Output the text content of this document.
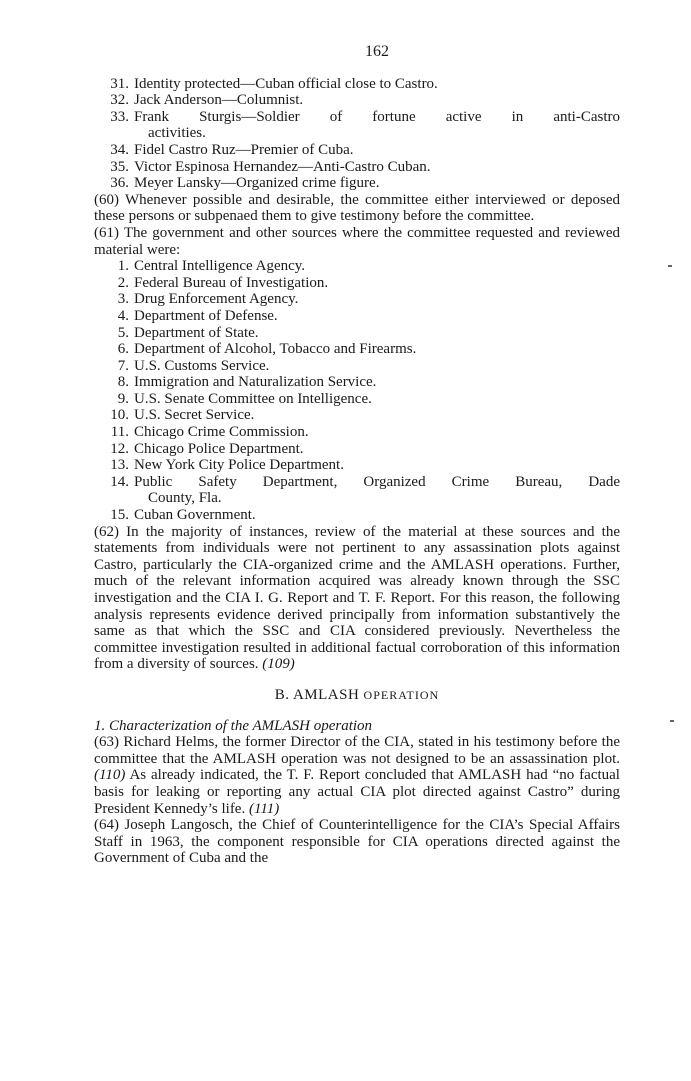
162
31. Identity protected—Cuban official close to Castro.
32. Jack Anderson—Columnist.
33. Frank Sturgis—Soldier of fortune active in anti-Castro
activities.
34. Fidel Castro Ruz—Premier of Cuba.
35. Victor Espinosa Hernandez—Anti-Castro Cuban.
36. Meyer Lansky—Organized crime figure.
(60) Whenever possible and desirable, the committee either interviewed or deposed these persons or subpenaed them to give testimony before the committee.
(61) The government and other sources where the committee requested and reviewed material were:
1. Central Intelligence Agency.
2. Federal Bureau of Investigation.
3. Drug Enforcement Agency.
4. Department of Defense.
5. Department of State.
6. Department of Alcohol, Tobacco and Firearms.
7. U.S. Customs Service.
8. Immigration and Naturalization Service.
9. U.S. Senate Committee on Intelligence.
10. U.S. Secret Service.
11. Chicago Crime Commission.
12. Chicago Police Department.
13. New York City Police Department.
14. Public Safety Department, Organized Crime Bureau, Dade
County, Fla.
15. Cuban Government.
(62) In the majority of instances, review of the material at these sources and the statements from individuals were not pertinent to any assassination plots against Castro, particularly the CIA-organized crime and the AMLASH operations. Further, much of the relevant information acquired was already known through the SSC investigation and the CIA I. G. Report and T. F. Report. For this reason, the following analysis represents evidence derived principally from information substantively the same as that which the SSC and CIA considered previously. Nevertheless the committee investigation resulted in additional factual corroboration of this information from a diversity of sources. (109)
B. AMLASH OPERATION
1. Characterization of the AMLASH operation
(63) Richard Helms, the former Director of the CIA, stated in his testimony before the committee that the AMLASH operation was not designed to be an assassination plot. (110) As already indicated, the T. F. Report concluded that AMLASH had “no factual basis for leaking or reporting any actual CIA plot directed against Castro” during President Kennedy’s life. (111)
(64) Joseph Langosch, the Chief of Counterintelligence for the CIA’s Special Affairs Staff in 1963, the component responsible for CIA operations directed against the Government of Cuba and the
